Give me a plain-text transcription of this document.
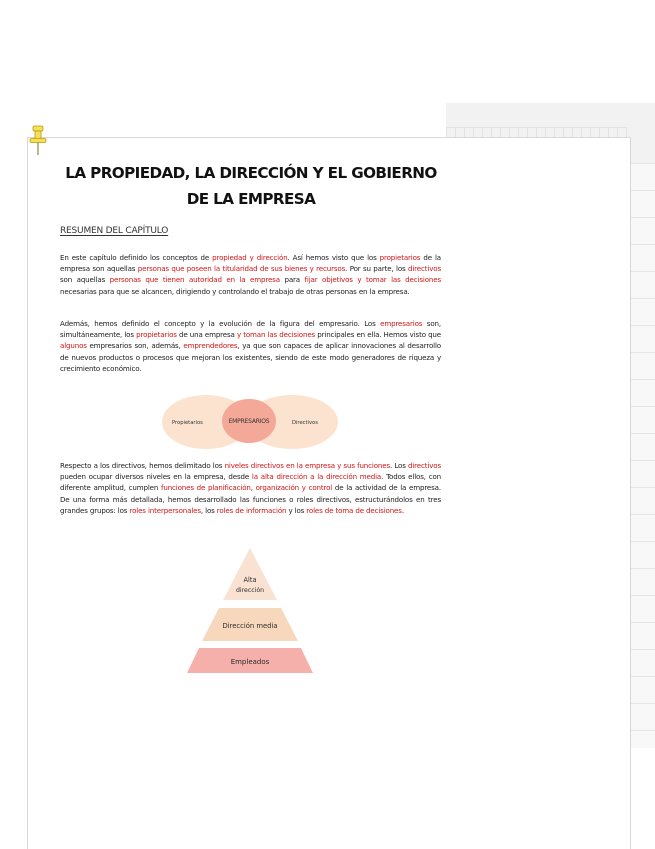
LA PROPIEDAD, LA DIRECCIÓN Y EL GOBIERNO DE LA EMPRESA

RESUMEN DEL CAPÍTULO

En este capítulo definido los conceptos de propiedad y dirección. Así hemos visto que los propietarios de la empresa son aquellas personas que poseen la titularidad de sus bienes y recursos. Por su parte, los directivos son aquellas personas que tienen autoridad en la empresa para fijar objetivos y tomar las decisiones necesarias para que se alcancen, dirigiendo y controlando el trabajo de otras personas en la empresa.

Además, hemos definido el concepto y la evolución de la figura del empresario. Los empresarios son, simultáneamente, los propietarios de una empresa y toman las decisiones principales en ella. Hemos visto que algunos empresarios son, además, emprendedores, ya que son capaces de aplicar innovaciones al desarrollo de nuevos productos o procesos que mejoran los existentes, siendo de este modo generadores de riqueza y crecimiento económico.

Propietarios	EMPRESARIOS	Directivos

Respecto a los directivos, hemos delimitado los niveles directivos en la empresa y sus funciones. Los directivos pueden ocupar diversos niveles en la empresa, desde la alta dirección a la dirección media. Todos ellos, con diferente amplitud, cumplen funciones de planificación, organización y control de la actividad de la empresa. De una forma más detallada, hemos desarrollado las funciones o roles directivos, estructurándolos en tres grandes grupos: los roles interpersonales, los roles de información y los roles de toma de decisiones.

Alta
dirección
Dirección media
Empleados
